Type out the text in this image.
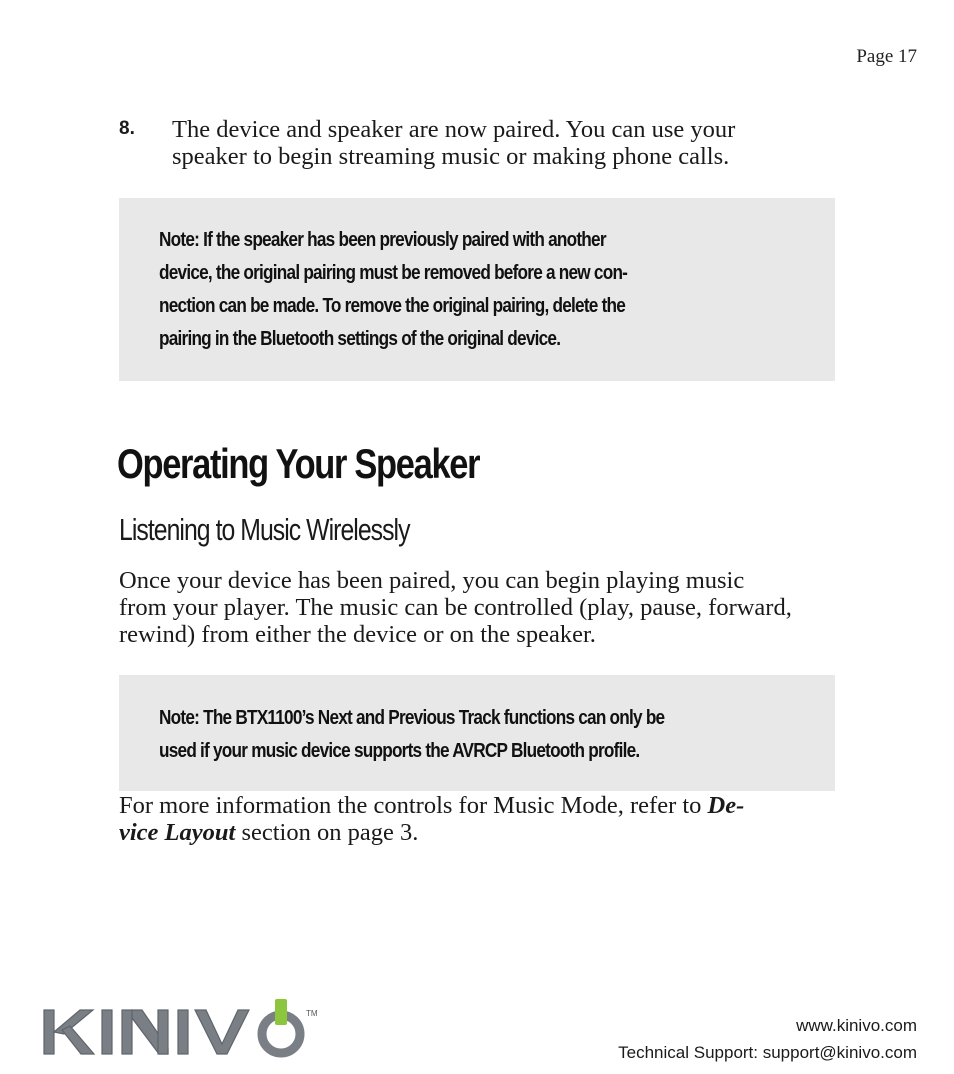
Page 17
8. The device and speaker are now paired. You can use your
speaker to begin streaming music or making phone calls.
Note: If the speaker has been previously paired with another
device, the original pairing must be removed before a new con-
nection can be made. To remove the original pairing, delete the
pairing in the Bluetooth settings of the original device.
Operating Your Speaker
Listening to Music Wirelessly
Once your device has been paired, you can begin playing music
from your player. The music can be controlled (play, pause, forward,
rewind) from either the device or on the speaker.
Note: The BTX1100’s Next and Previous Track functions can only be
used if your music device supports the AVRCP Bluetooth profile.
For more information the controls for Music Mode, refer to De-
vice Layout section on page 3.
TM
www.kinivo.com
Technical Support: support@kinivo.com
